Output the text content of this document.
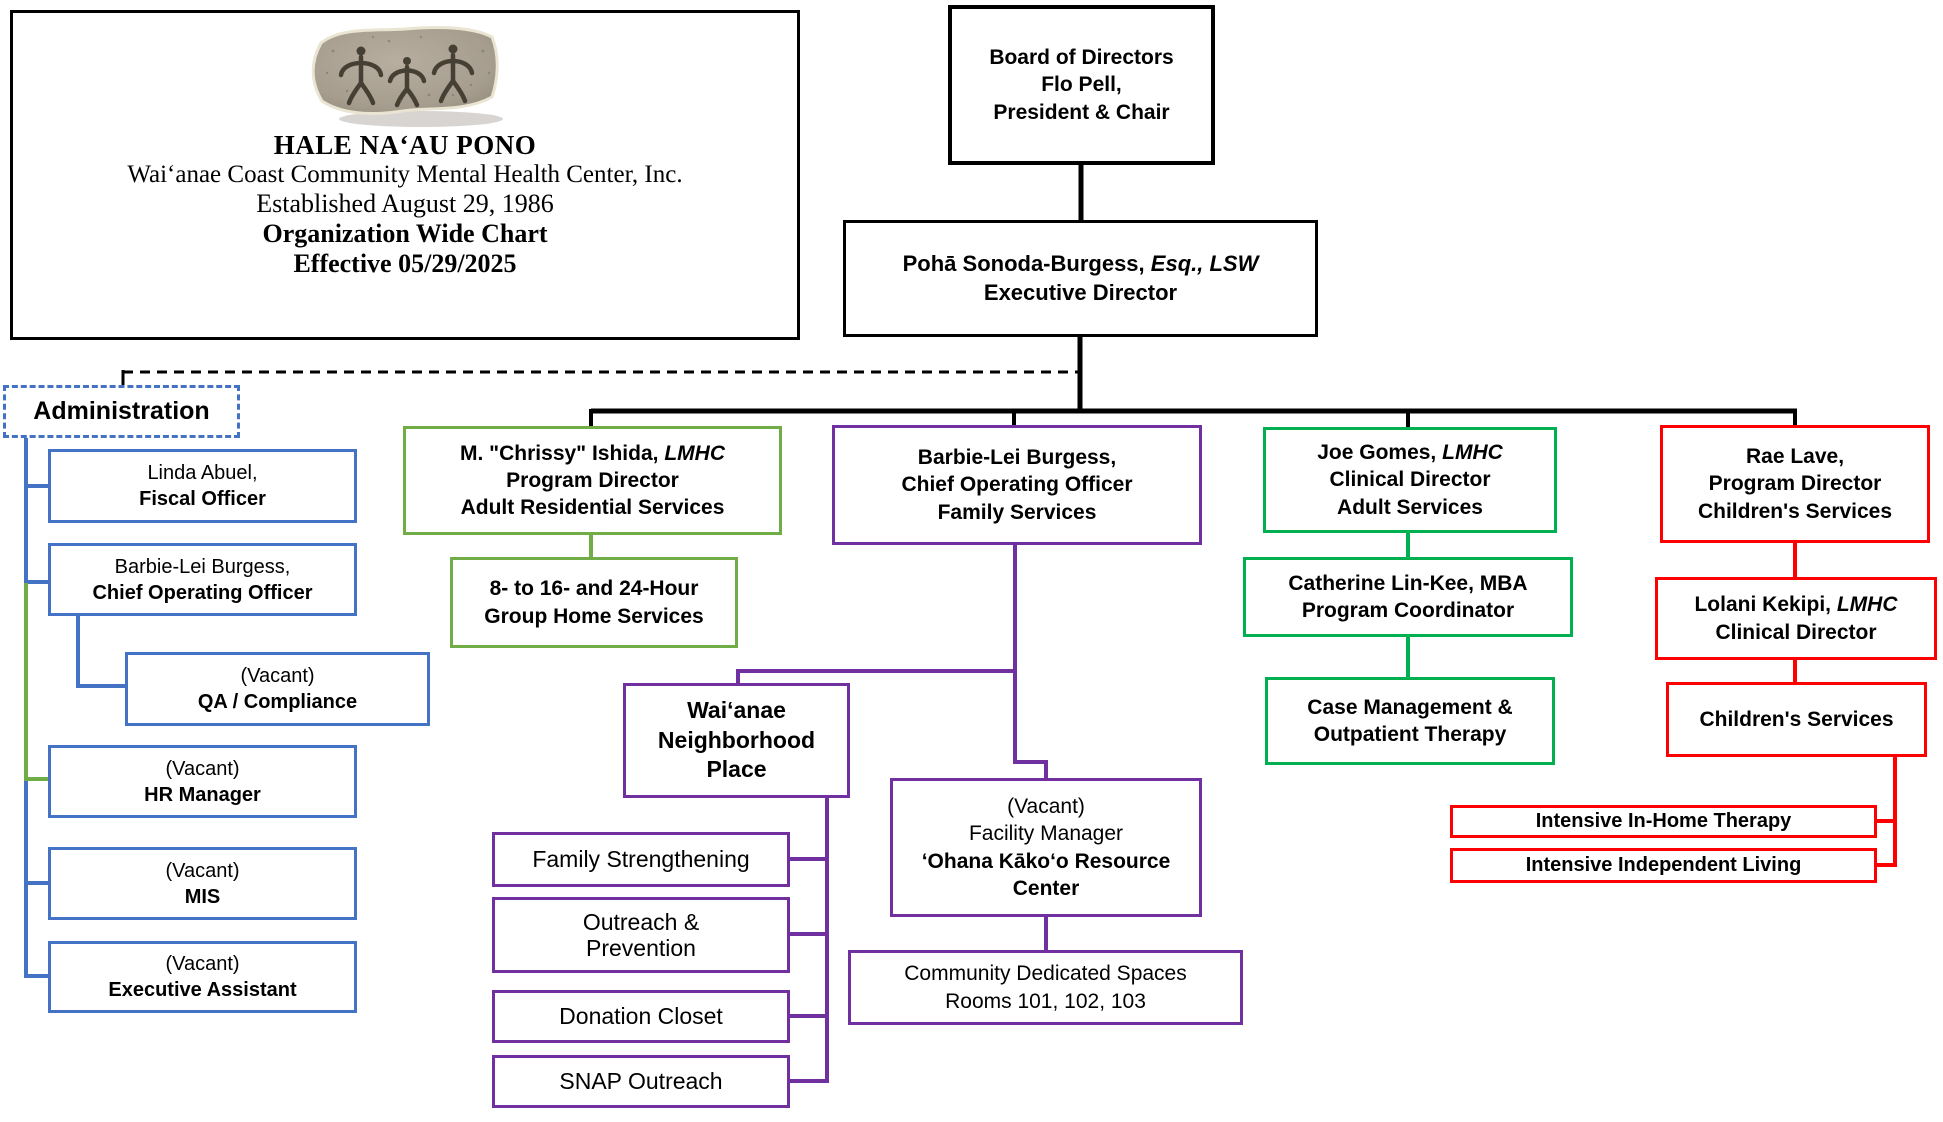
HALE NA‘AU PONO
Wai‘anae Coast Community Mental Health Center, Inc.
Established August 29, 1986
Organization Wide Chart
Effective 05/29/2025
Board of Directors
Flo Pell,
President & Chair
Pohā Sonoda-Burgess, Esq., LSW
Executive Director
Administration
Linda Abuel,
Fiscal Officer
Barbie-Lei Burgess,
Chief Operating Officer
(Vacant)
QA / Compliance
(Vacant)
HR Manager
(Vacant)
MIS
(Vacant)
Executive Assistant
M. "Chrissy" Ishida, LMHC
Program Director
Adult Residential Services
8- to 16- and 24-Hour
Group Home Services
Barbie-Lei Burgess,
Chief Operating Officer
Family Services
Wai‘anae
Neighborhood
Place
Family Strengthening
Outreach &
Prevention
Donation Closet
SNAP Outreach
(Vacant)
Facility Manager
‘Ohana Kāko‘o Resource Center
Community Dedicated Spaces
Rooms 101, 102, 103
Joe Gomes, LMHC
Clinical Director
Adult Services
Catherine Lin-Kee, MBA
Program Coordinator
Case Management &
Outpatient Therapy
Rae Lave,
Program Director
Children's Services
Lolani Kekipi, LMHC
Clinical Director
Children's Services
Intensive In-Home Therapy
Intensive Independent Living
